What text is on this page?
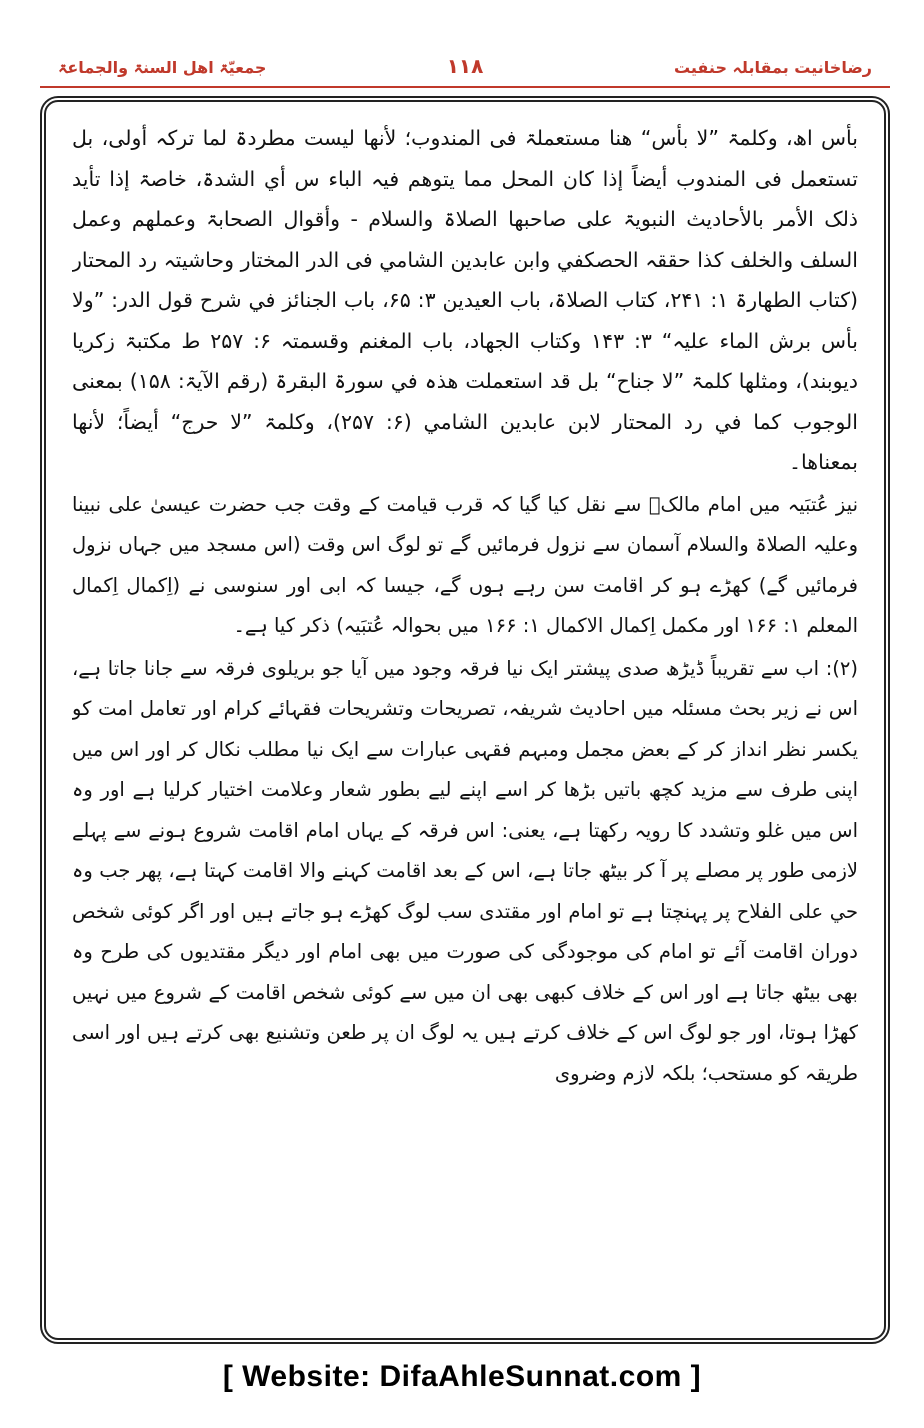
جمعیّۃ اھل السنۃ والجماعۃ	۱۱۸	رضاخانیت بمقابلہ حنفیت

بأس اھ، وکلمۃ ”لا بأس“ ھنا مستعملۃ فی المندوب؛ لأنھا لیست مطردۃ لما ترکہ أولی، بل تستعمل فی المندوب أیضاً إذا کان المحل مما یتوھم فیہ الباء س أي الشدۃ، خاصۃ إذا تأید ذلک الأمر بالأحادیث النبویۃ علی صاحبھا الصلاۃ والسلام - وأقوال الصحابۃ وعملھم وعمل السلف والخلف کذا حققہ الحصکفي وابن عابدین الشامي فی الدر المختار وحاشیتہ رد المحتار (کتاب الطھارۃ ۱: ۲۴۱، کتاب الصلاۃ، باب العیدین ۳: ۶۵، باب الجنائز في شرح قول الدر: ”ولا بأس برش الماء علیہ“ ۳: ۱۴۳ وکتاب الجھاد، باب المغنم وقسمتہ ۶: ۲۵۷ ط مکتبۃ زکریا دیوبند)، ومثلھا کلمۃ ”لا جناح“ بل قد استعملت ھذہ في سورۃ البقرۃ (رقم الآیۃ: ۱۵۸) بمعنی الوجوب کما في رد المحتار لابن عابدین الشامي (۶: ۲۵۷)، وکلمۃ ”لا حرج“ أیضاً؛ لأنھا بمعناھا۔

نیز عُتبَیہ میں امام مالکؒ سے نقل کیا گیا کہ قرب قیامت کے وقت جب حضرت عیسیٰ علی نبینا وعلیہ الصلاۃ والسلام آسمان سے نزول فرمائیں گے تو لوگ اس وقت (اس مسجد میں جہاں نزول فرمائیں گے) کھڑے ہو کر اقامت سن رہے ہوں گے، جیسا کہ ابی اور سنوسی نے (اِکمال اِکمال المعلم ۱: ۱۶۶ اور مکمل اِکمال الاکمال ۱: ۱۶۶ میں بحوالہ عُتبَیہ) ذکر کیا ہے۔

(۲): اب سے تقریباً ڈیڑھ صدی پیشتر ایک نیا فرقہ وجود میں آیا جو بریلوی فرقہ سے جانا جاتا ہے، اس نے زیر بحث مسئلہ میں احادیث شریفہ، تصریحات وتشریحات فقہائے کرام اور تعامل امت کو یکسر نظر انداز کر کے بعض مجمل ومبہم فقہی عبارات سے ایک نیا مطلب نکال کر اور اس میں اپنی طرف سے مزید کچھ باتیں بڑھا کر اسے اپنے لیے بطور شعار وعلامت اختیار کرلیا ہے اور وہ اس میں غلو وتشدد کا رویہ رکھتا ہے، یعنی: اس فرقہ کے یہاں امام اقامت شروع ہونے سے پہلے لازمی طور پر مصلے پر آ کر بیٹھ جاتا ہے، اس کے بعد اقامت کہنے والا اقامت کہتا ہے، پھر جب وہ حي علی الفلاح پر پہنچتا ہے تو امام اور مقتدی سب لوگ کھڑے ہو جاتے ہیں اور اگر کوئی شخص دوران اقامت آئے تو امام کی موجودگی کی صورت میں بھی امام اور دیگر مقتدیوں کی طرح وہ بھی بیٹھ جاتا ہے اور اس کے خلاف کبھی بھی ان میں سے کوئی شخص اقامت کے شروع میں نہیں کھڑا ہوتا، اور جو لوگ اس کے خلاف کرتے ہیں یہ لوگ ان پر طعن وتشنیع بھی کرتے ہیں اور اسی طریقہ کو مستحب؛ بلکہ لازم وضروی

[ Website: DifaAhleSunnat.com ]
